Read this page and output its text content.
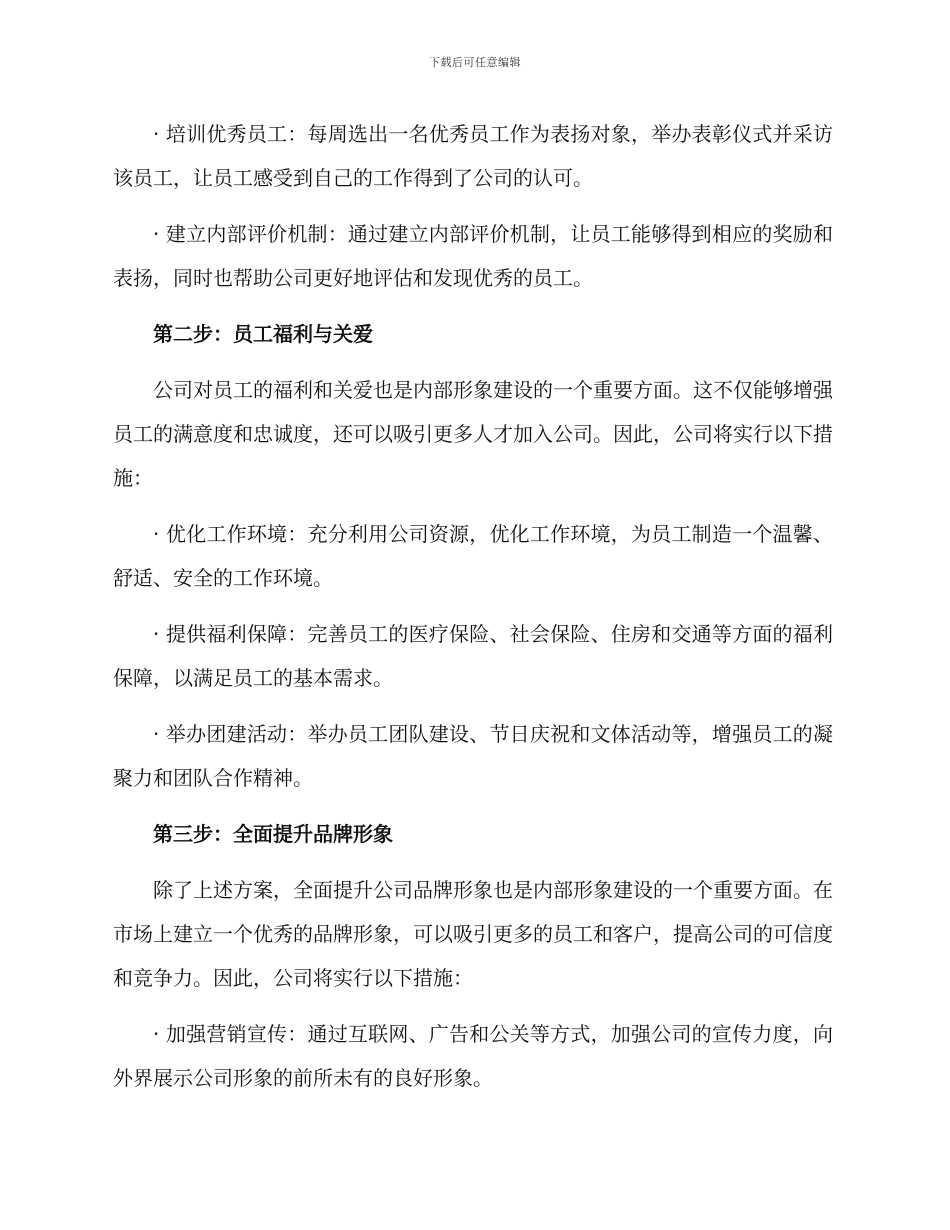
下载后可任意编辑

· 培训优秀员工：每周选出一名优秀员工作为表扬对象，举办表彰仪式并采访该员工，让员工感受到自己的工作得到了公司的认可。

· 建立内部评价机制：通过建立内部评价机制，让员工能够得到相应的奖励和表扬，同时也帮助公司更好地评估和发现优秀的员工。

第二步：员工福利与关爱

公司对员工的福利和关爱也是内部形象建设的一个重要方面。这不仅能够增强员工的满意度和忠诚度，还可以吸引更多人才加入公司。因此，公司将实行以下措施：

· 优化工作环境：充分利用公司资源，优化工作环境，为员工制造一个温馨、舒适、安全的工作环境。

· 提供福利保障：完善员工的医疗保险、社会保险、住房和交通等方面的福利保障，以满足员工的基本需求。

· 举办团建活动：举办员工团队建设、节日庆祝和文体活动等，增强员工的凝聚力和团队合作精神。

第三步：全面提升品牌形象

除了上述方案，全面提升公司品牌形象也是内部形象建设的一个重要方面。在市场上建立一个优秀的品牌形象，可以吸引更多的员工和客户，提高公司的可信度和竞争力。因此，公司将实行以下措施：

· 加强营销宣传：通过互联网、广告和公关等方式，加强公司的宣传力度，向外界展示公司形象的前所未有的良好形象。
